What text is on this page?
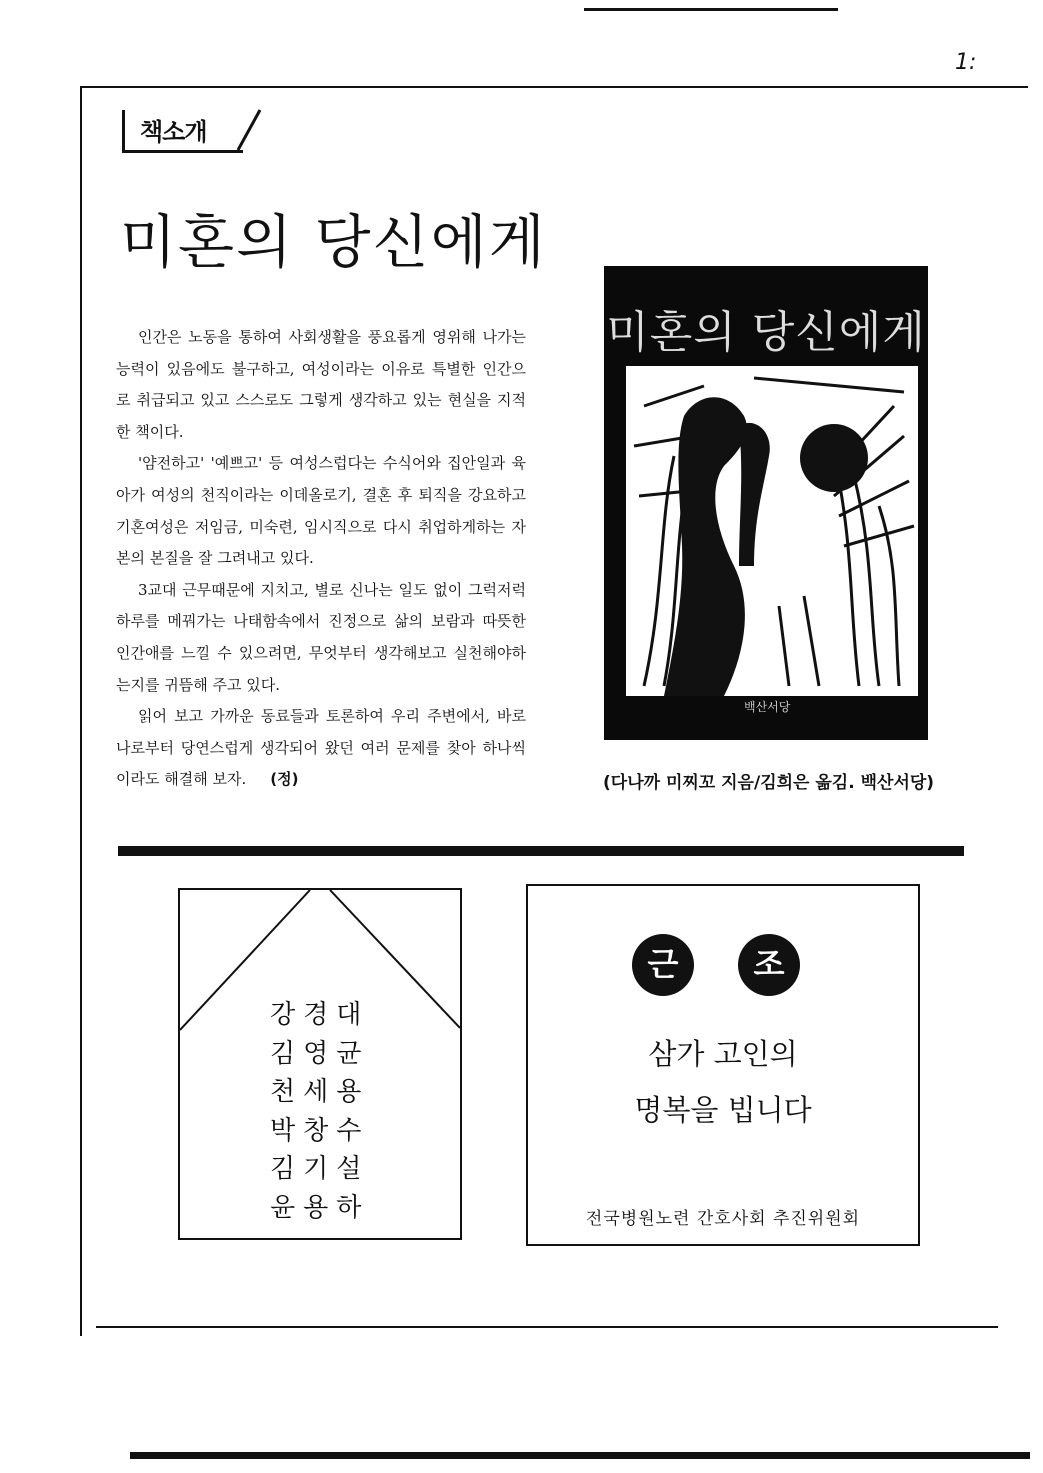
1:
책소개
미혼의 당신에게

인간은 노동을 통하여 사회생활을 풍요롭게 영위해 나가는 능력이 있음에도 불구하고, 여성이라는 이유로 특별한 인간으로 취급되고 있고 스스로도 그렇게 생각하고 있는 현실을 지적한 책이다.

'얌전하고' '예쁘고' 등 여성스럽다는 수식어와 집안일과 육아가 여성의 천직이라는 이데올로기, 결혼 후 퇴직을 강요하고 기혼여성은 저임금, 미숙련, 임시직으로 다시 취업하게하는 자본의 본질을 잘 그려내고 있다.

3교대 근무때문에 지치고, 별로 신나는 일도 없이 그럭저럭 하루를 메꿔가는 나태함속에서 진정으로 삶의 보람과 따뜻한 인간애를 느낄 수 있으려면, 무엇부터 생각해보고 실천해야하는지를 귀뜸해 주고 있다.

읽어 보고 가까운 동료들과 토론하여 우리 주변에서, 바로 나로부터 당연스럽게 생각되어 왔던 여러 문제를 찾아 하나씩이라도 해결해 보자. (정)

미혼의 당신에게
백산서당
(다나까 미찌꼬 지음/김희은 옮김. 백산서당)
강경대
김영균
천세용
박창수
김기설
윤용하
근	조
삼가 고인의
명복을 빕니다
전국병원노련 간호사회 추진위원회
